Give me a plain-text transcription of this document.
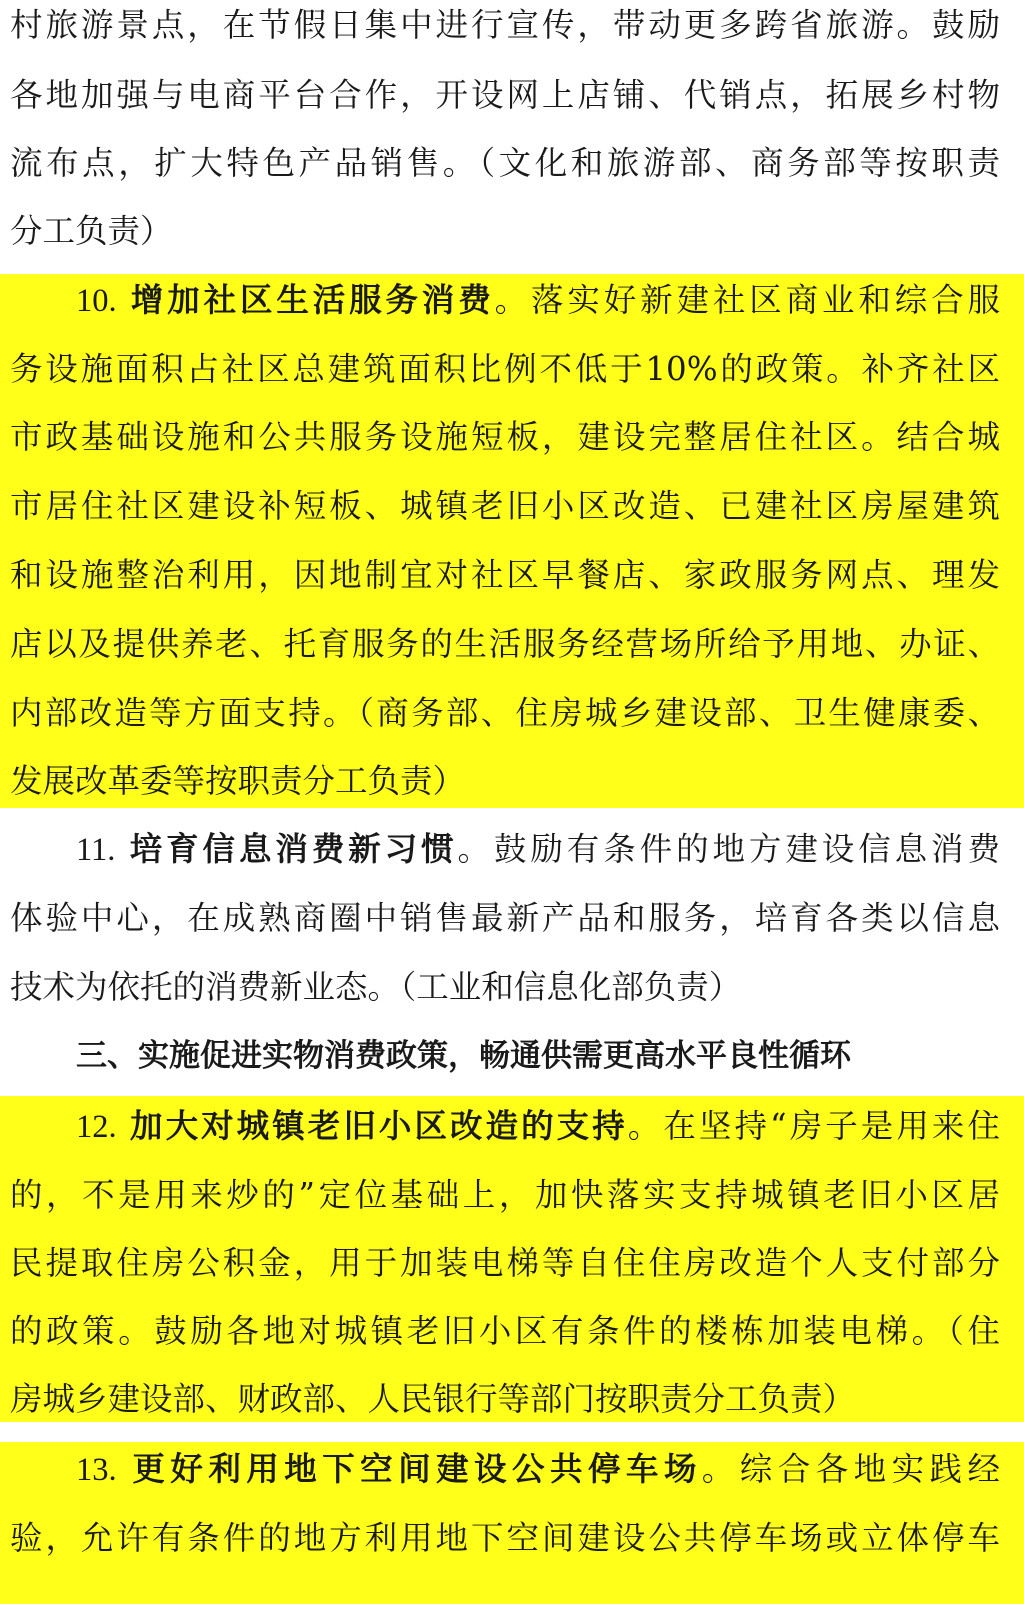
村旅游景点，在节假日集中进行宣传，带动更多跨省旅游。鼓励
各地加强与电商平台合作，开设网上店铺、代销点，拓展乡村物
流布点，扩大特色产品销售。（文化和旅游部、商务部等按职责
分工负责）
10. 增加社区生活服务消费。落实好新建社区商业和综合服
务设施面积占社区总建筑面积比例不低于10%的政策。补齐社区
市政基础设施和公共服务设施短板，建设完整居住社区。结合城
市居住社区建设补短板、城镇老旧小区改造、已建社区房屋建筑
和设施整治利用，因地制宜对社区早餐店、家政服务网点、理发
店以及提供养老、托育服务的生活服务经营场所给予用地、办证、
内部改造等方面支持。（商务部、住房城乡建设部、卫生健康委、
发展改革委等按职责分工负责）
11. 培育信息消费新习惯。鼓励有条件的地方建设信息消费
体验中心，在成熟商圈中销售最新产品和服务，培育各类以信息
技术为依托的消费新业态。（工业和信息化部负责）
三、实施促进实物消费政策，畅通供需更高水平良性循环
12. 加大对城镇老旧小区改造的支持。在坚持“房子是用来住
的，不是用来炒的”定位基础上，加快落实支持城镇老旧小区居
民提取住房公积金，用于加装电梯等自住住房改造个人支付部分
的政策。鼓励各地对城镇老旧小区有条件的楼栋加装电梯。（住
房城乡建设部、财政部、人民银行等部门按职责分工负责）
13. 更好利用地下空间建设公共停车场。综合各地实践经
验，允许有条件的地方利用地下空间建设公共停车场或立体停车
